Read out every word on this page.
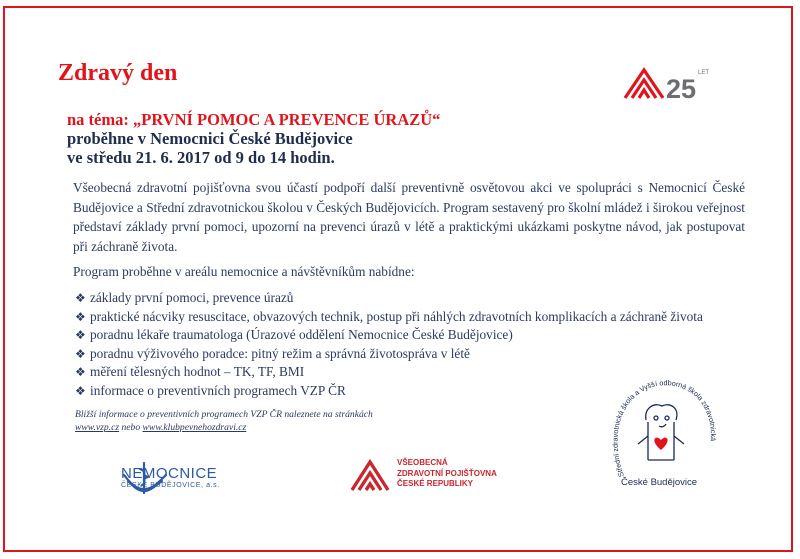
Zdravý den
25
LET
na téma: „PRVNÍ POMOC A PREVENCE ÚRAZŮ“
proběhne v Nemocnici České Budějovice
ve středu 21. 6. 2017 od 9 do 14 hodin.
Všeobecná zdravotní pojišťovna svou účastí podpoří další preventivně osvětovou akci ve spolupráci s Nemocnicí České Budějovice a Střední zdravotnickou školou v Českých Budějovicích. Program sestavený pro školní mládež i širokou veřejnost představí základy první pomoci, upozorní na prevenci úrazů v létě a praktickými ukázkami poskytne návod, jak postupovat při záchraně života.
Program proběhne v areálu nemocnice a návštěvníkům nabídne:
❖ základy první pomoci, prevence úrazů
❖ praktické nácviky resuscitace, obvazových technik, postup při náhlých zdravotních komplikacích a záchraně života
❖ poradnu lékaře traumatologa (Úrazové oddělení Nemocnice České Budějovice)
❖ poradnu výživového poradce: pitný režim a správná životospráva v létě
❖ měření tělesných hodnot – TK, TF, BMI
❖ informace o preventivních programech VZP ČR
Bližší informace o preventivních programech VZP ČR naleznete na stránkách
www.vzp.cz nebo www.klubpevnehozdravi.cz
NEMOCNICE
ČESKÉ BUDĚJOVICE, a.s.
VŠEOBECNÁ
ZDRAVOTNÍ POJIŠŤOVNA
ČESKÉ REPUBLIKY
Střední zdravotnická škola a Vyšší odborná škola zdravotnická
České Budějovice
